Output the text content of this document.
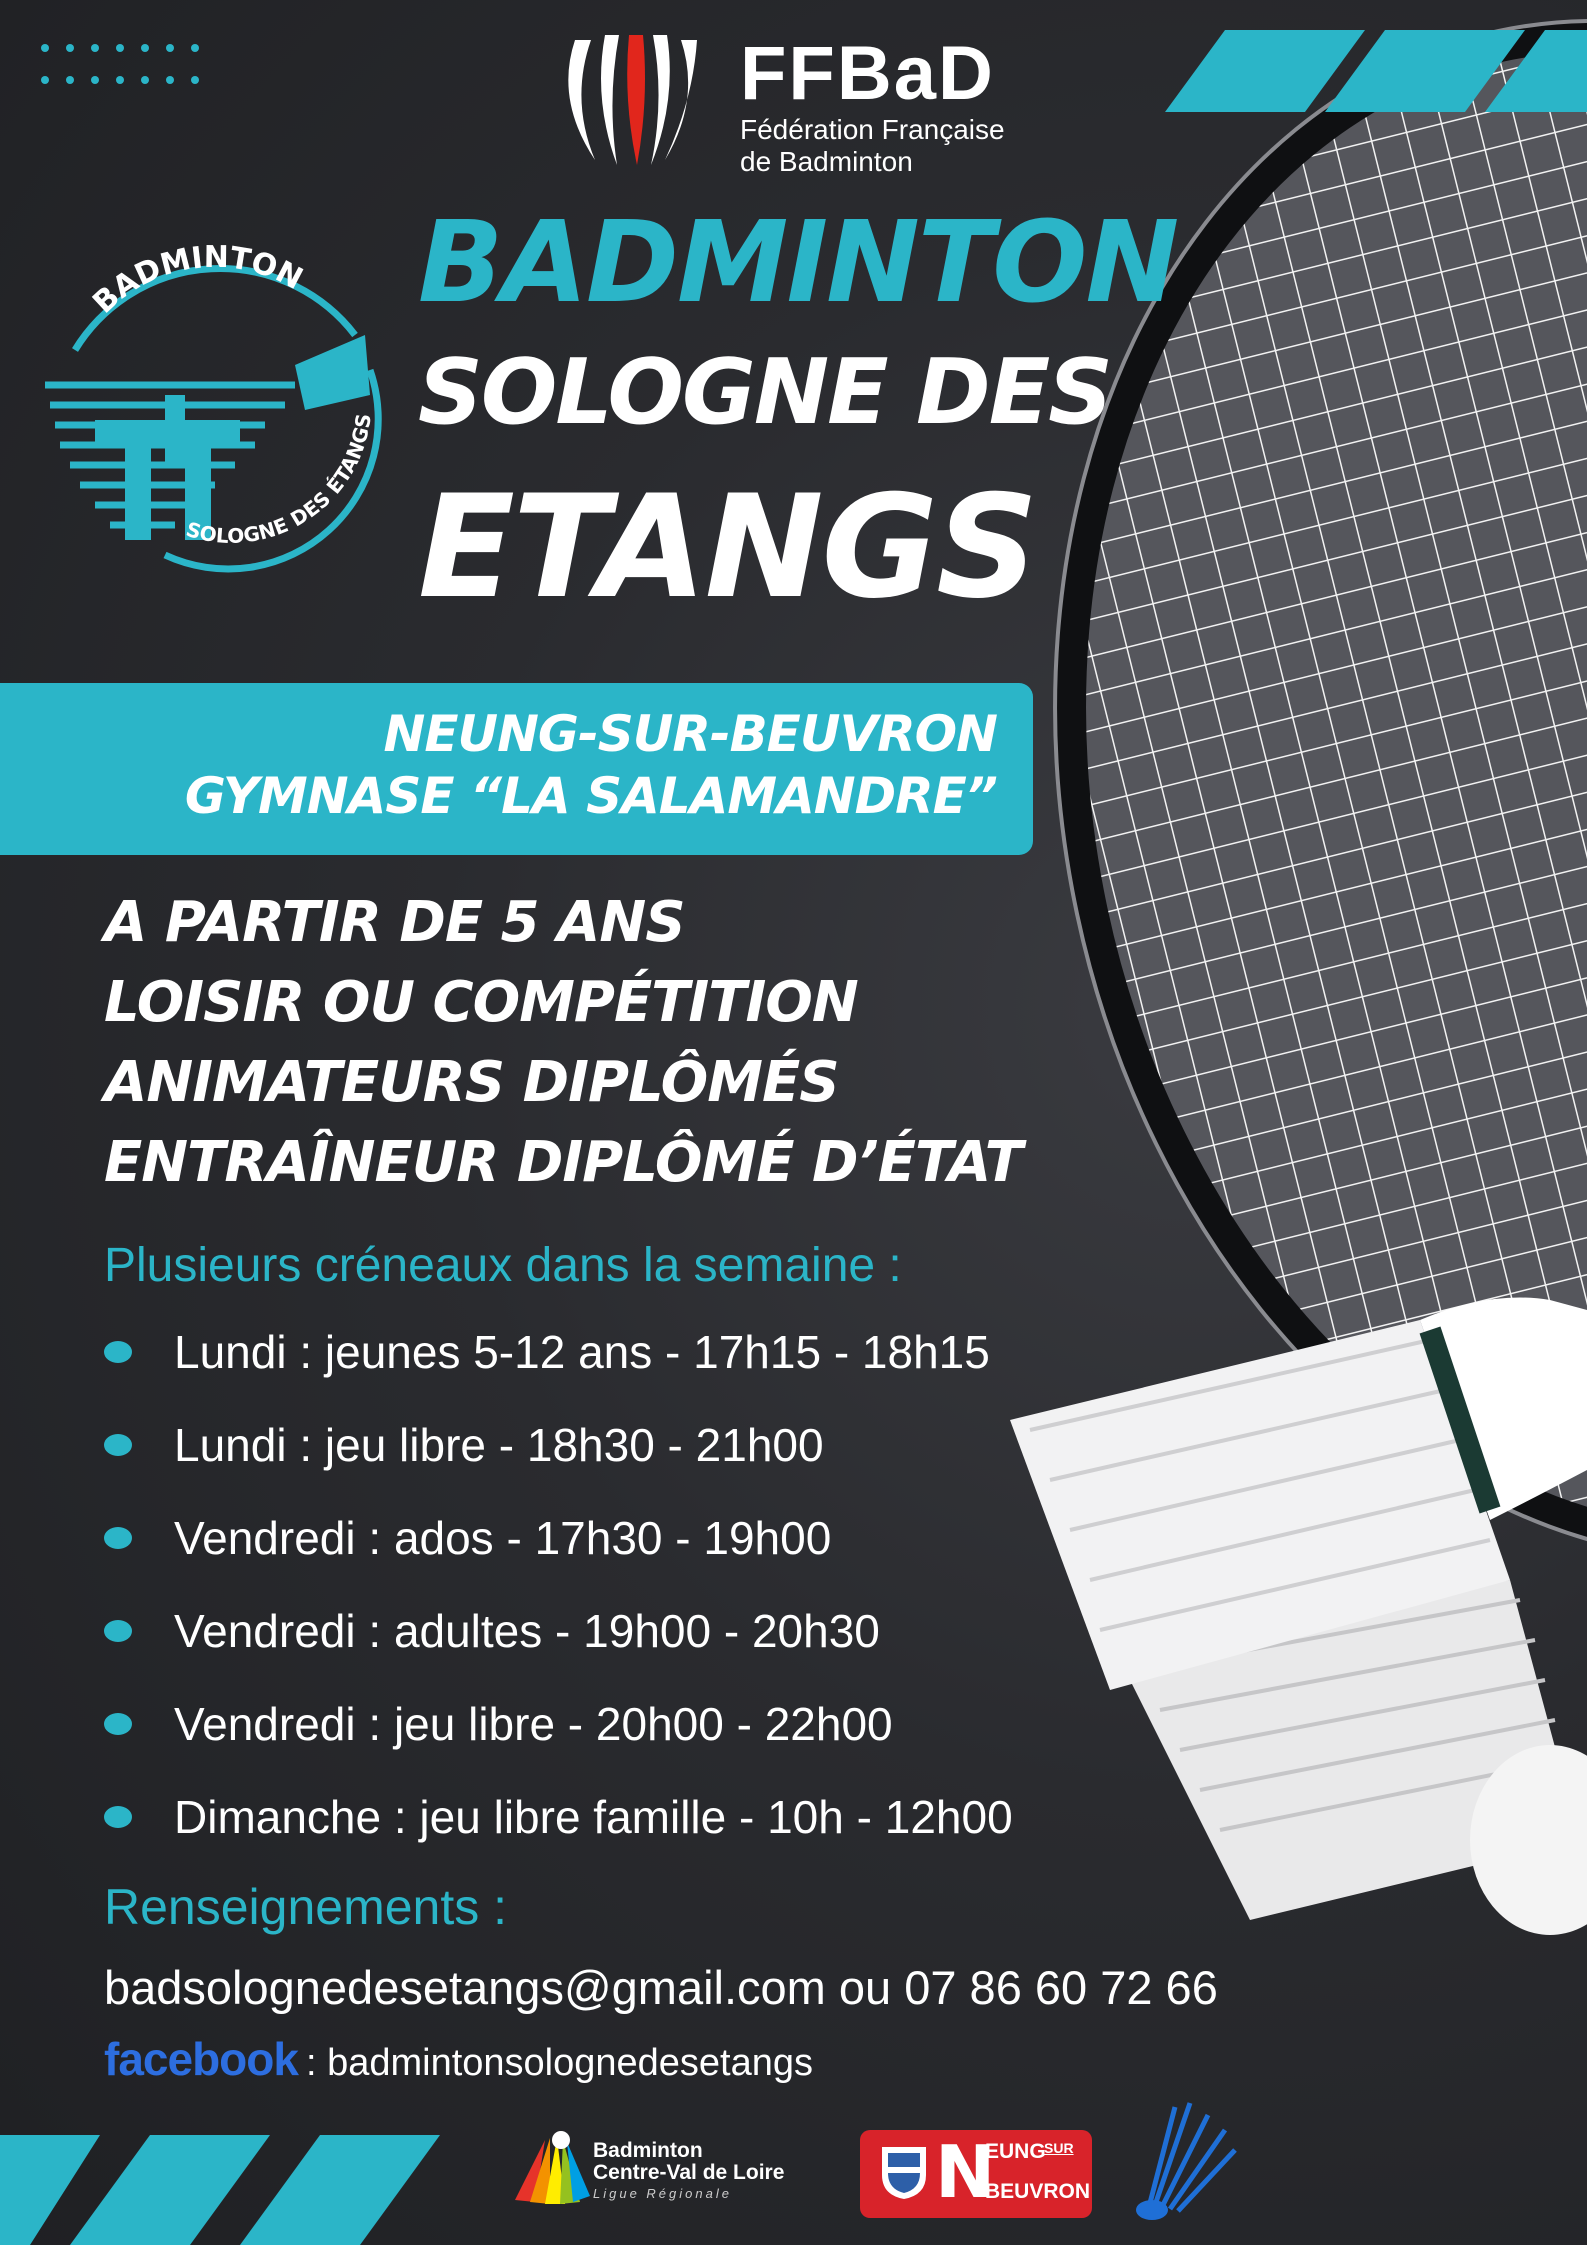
FFBaD
Fédération Française
de Badminton
BADMINTON
SOLOGNE DES ÉTANGS
BADMINTON
SOLOGNE DES
ETANGS
NEUNG-SUR-BEUVRON
GYMNASE “LA SALAMANDRE”
A PARTIR DE 5 ANS
LOISIR OU COMPÉTITION
ANIMATEURS DIPLÔMÉS
ENTRAÎNEUR DIPLÔMÉ D’ÉTAT
Plusieurs créneaux dans la semaine :
Lundi : jeunes 5-12 ans - 17h15 - 18h15
Lundi : jeu libre - 18h30 - 21h00
Vendredi : ados - 17h30 - 19h00
Vendredi : adultes - 19h00 - 20h30
Vendredi : jeu libre - 20h00 - 22h00
Dimanche : jeu libre famille - 10h - 12h00
Renseignements :
badsolognedesetangs@gmail.com ou 07 86 60 72 66
facebook : badmintonsolognedesetangs
Badminton
Centre-Val de Loire
Ligue Régionale	N
EUNG
SUR
BEUVRON
